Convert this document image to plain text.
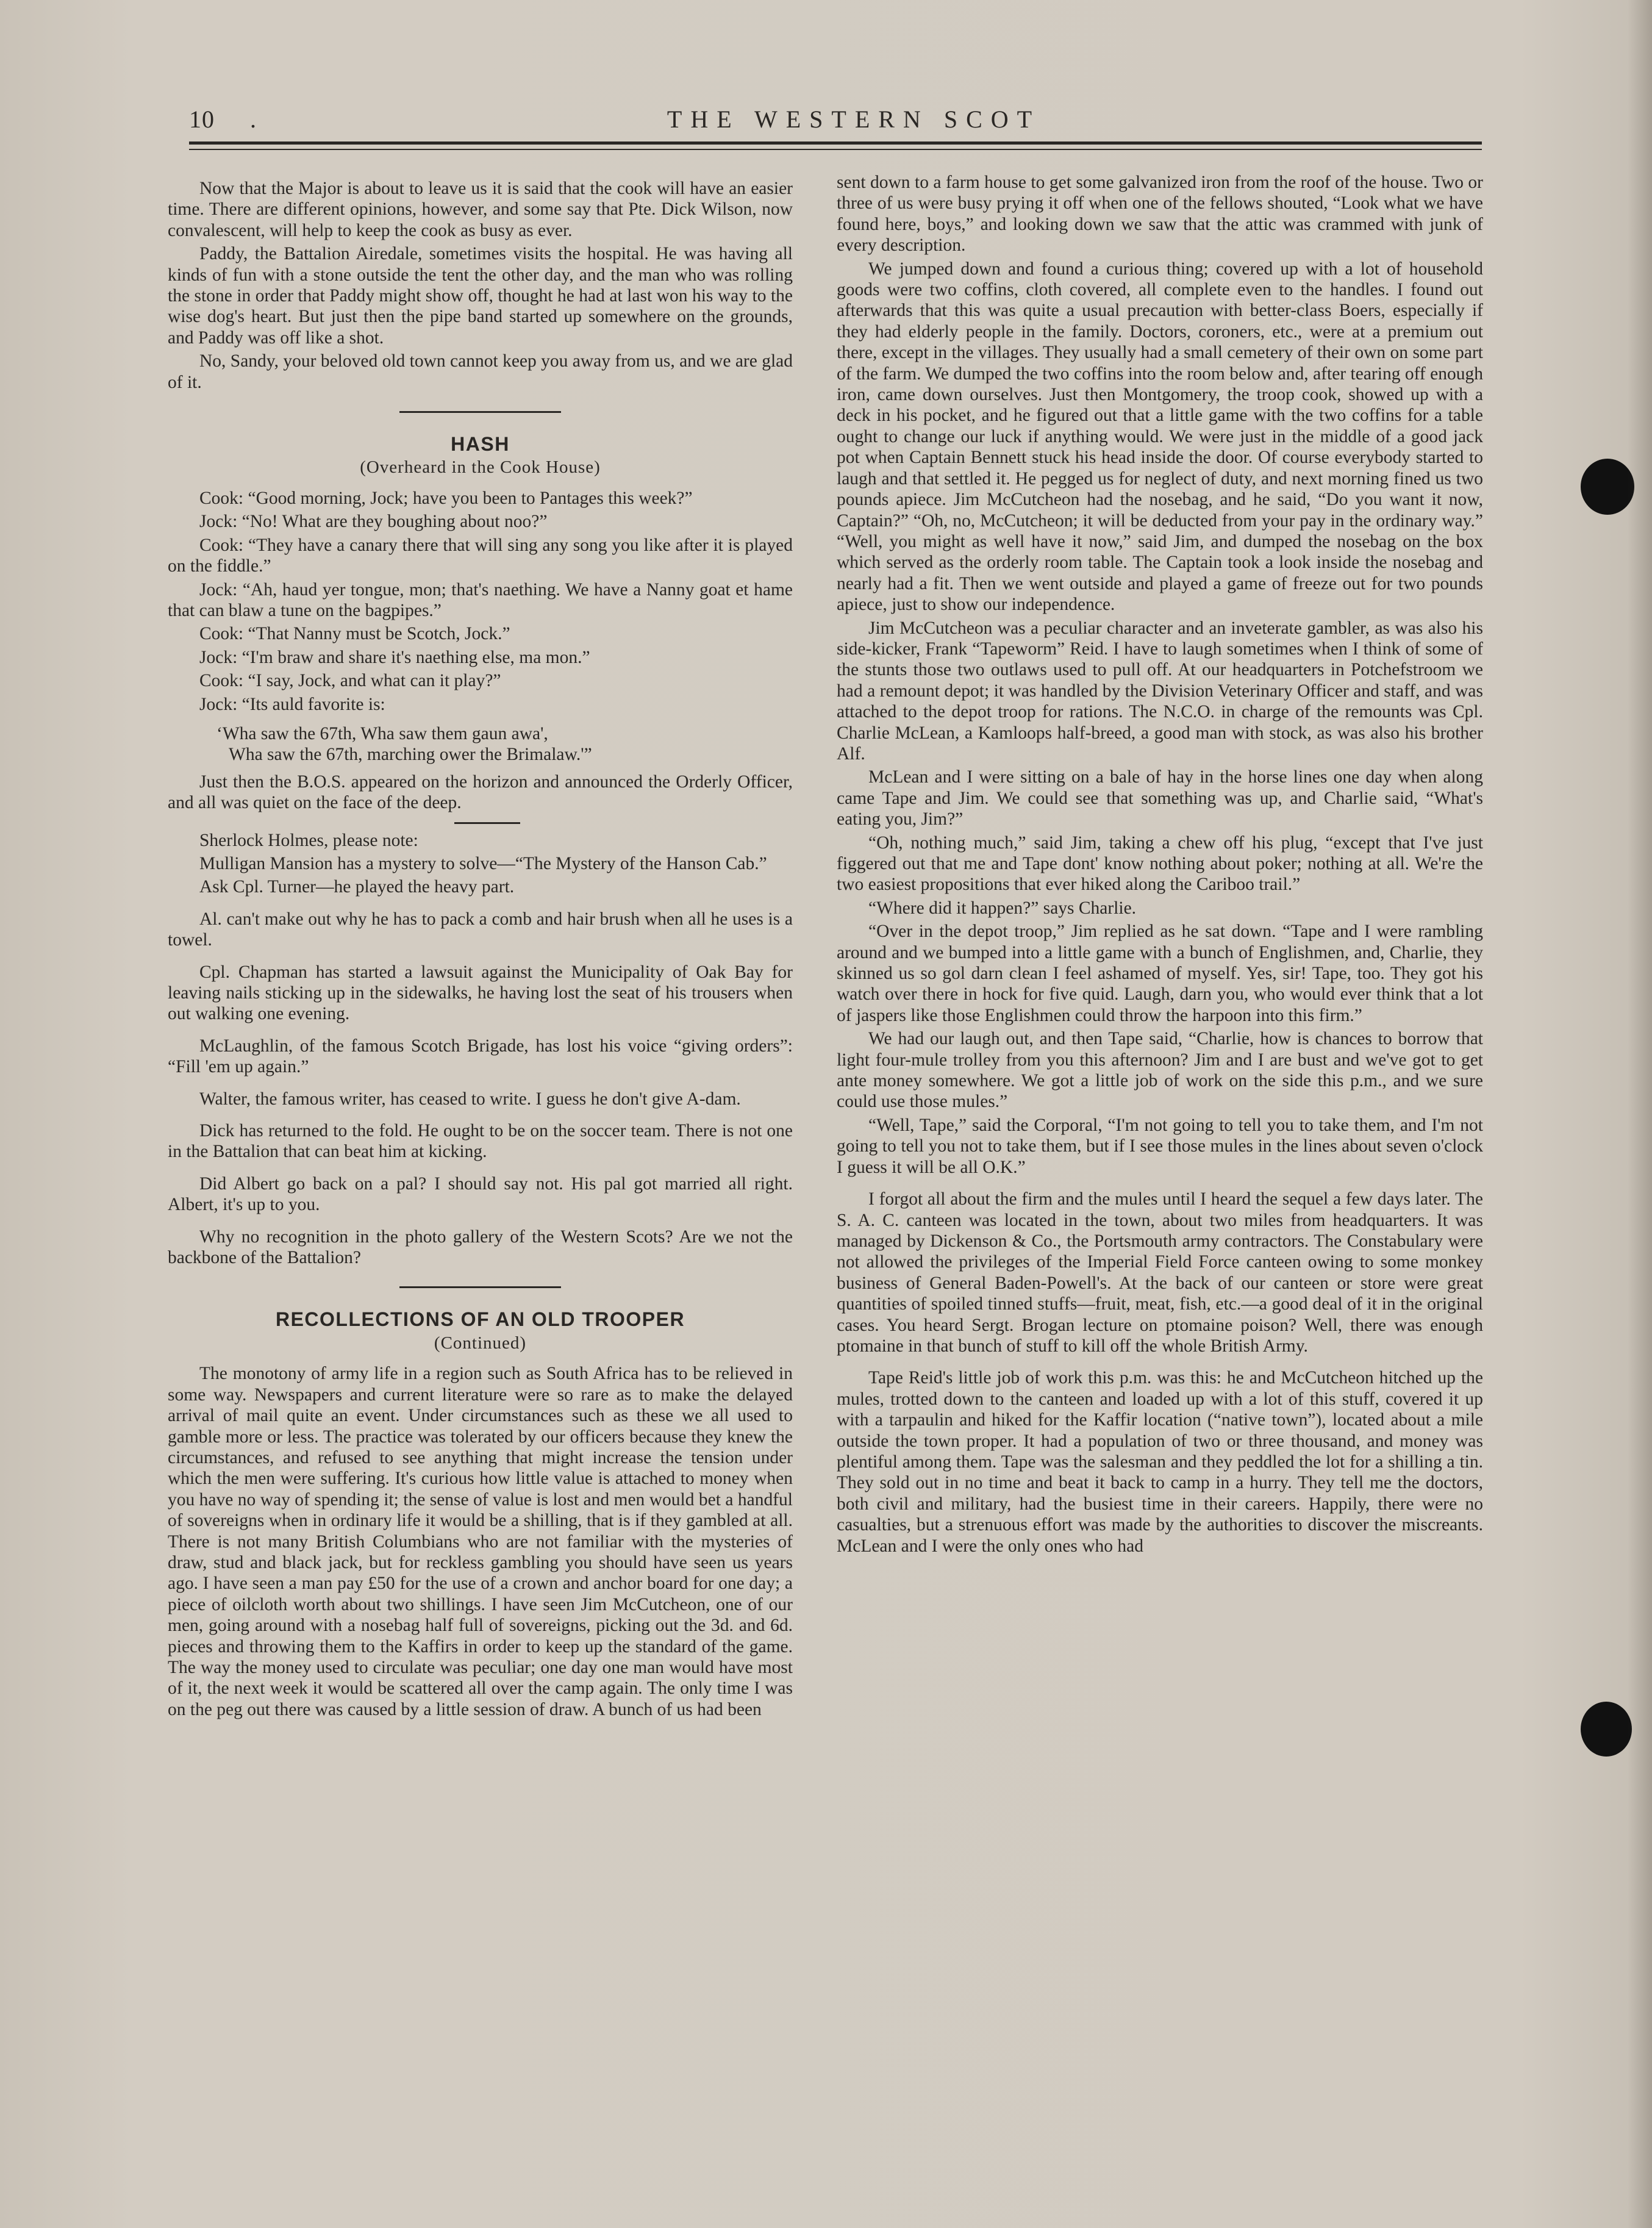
10 .	THE WESTERN SCOT

Now that the Major is about to leave us it is said that the cook will have an easier time. There are different opinions, however, and some say that Pte. Dick Wilson, now convalescent, will help to keep the cook as busy as ever.

Paddy, the Battalion Airedale, sometimes visits the hospital. He was having all kinds of fun with a stone outside the tent the other day, and the man who was rolling the stone in order that Paddy might show off, thought he had at last won his way to the wise dog's heart. But just then the pipe band started up somewhere on the grounds, and Paddy was off like a shot.

No, Sandy, your beloved old town cannot keep you away from us, and we are glad of it.

HASH
(Overheard in the Cook House)

Cook: “Good morning, Jock; have you been to Pantages this week?”

Jock: “No! What are they boughing about noo?”

Cook: “They have a canary there that will sing any song you like after it is played on the fiddle.”

Jock: “Ah, haud yer tongue, mon; that's naething. We have a Nanny goat et hame that can blaw a tune on the bagpipes.”

Cook: “That Nanny must be Scotch, Jock.”

Jock: “I'm braw and share it's naething else, ma mon.”

Cook: “I say, Jock, and what can it play?”

Jock: “Its auld favorite is:

‘Wha saw the 67th, Wha saw them gaun awa',
Wha saw the 67th, marching ower the Brimalaw.'”

Just then the B.O.S. appeared on the horizon and announced the Orderly Officer, and all was quiet on the face of the deep.

Sherlock Holmes, please note:

Mulligan Mansion has a mystery to solve—“The Mystery of the Hanson Cab.”

Ask Cpl. Turner—he played the heavy part.

Al. can't make out why he has to pack a comb and hair brush when all he uses is a towel.

Cpl. Chapman has started a lawsuit against the Municipality of Oak Bay for leaving nails sticking up in the sidewalks, he having lost the seat of his trousers when out walking one evening.

McLaughlin, of the famous Scotch Brigade, has lost his voice “giving orders”: “Fill 'em up again.”

Walter, the famous writer, has ceased to write. I guess he don't give A-dam.

Dick has returned to the fold. He ought to be on the soccer team. There is not one in the Battalion that can beat him at kicking.

Did Albert go back on a pal? I should say not. His pal got married all right. Albert, it's up to you.

Why no recognition in the photo gallery of the Western Scots? Are we not the backbone of the Battalion?

RECOLLECTIONS OF AN OLD TROOPER
(Continued)

The monotony of army life in a region such as South Africa has to be relieved in some way. Newspapers and current literature were so rare as to make the delayed arrival of mail quite an event. Under circumstances such as these we all used to gamble more or less. The practice was tolerated by our officers because they knew the circumstances, and refused to see anything that might increase the tension under which the men were suffering. It's curious how little value is attached to money when you have no way of spending it; the sense of value is lost and men would bet a handful of sovereigns when in ordinary life it would be a shilling, that is if they gambled at all. There is not many British Columbians who are not familiar with the mysteries of draw, stud and black jack, but for reckless gambling you should have seen us years ago. I have seen a man pay £50 for the use of a crown and anchor board for one day; a piece of oilcloth worth about two shillings. I have seen Jim McCutcheon, one of our men, going around with a nosebag half full of sovereigns, picking out the 3d. and 6d. pieces and throwing them to the Kaffirs in order to keep up the standard of the game. The way the money used to circulate was peculiar; one day one man would have most of it, the next week it would be scattered all over the camp again. The only time I was on the peg out there was caused by a little session of draw. A bunch of us had been

sent down to a farm house to get some galvanized iron from the roof of the house. Two or three of us were busy prying it off when one of the fellows shouted, “Look what we have found here, boys,” and looking down we saw that the attic was crammed with junk of every description.

We jumped down and found a curious thing; covered up with a lot of household goods were two coffins, cloth covered, all complete even to the handles. I found out afterwards that this was quite a usual precaution with better-class Boers, especially if they had elderly people in the family. Doctors, coroners, etc., were at a premium out there, except in the villages. They usually had a small cemetery of their own on some part of the farm. We dumped the two coffins into the room below and, after tearing off enough iron, came down ourselves. Just then Montgomery, the troop cook, showed up with a deck in his pocket, and he figured out that a little game with the two coffins for a table ought to change our luck if anything would. We were just in the middle of a good jack pot when Captain Bennett stuck his head inside the door. Of course everybody started to laugh and that settled it. He pegged us for neglect of duty, and next morning fined us two pounds apiece. Jim McCutcheon had the nosebag, and he said, “Do you want it now, Captain?” “Oh, no, McCutcheon; it will be deducted from your pay in the ordinary way.” “Well, you might as well have it now,” said Jim, and dumped the nosebag on the box which served as the orderly room table. The Captain took a look inside the nosebag and nearly had a fit. Then we went outside and played a game of freeze out for two pounds apiece, just to show our independence.

Jim McCutcheon was a peculiar character and an inveterate gambler, as was also his side-kicker, Frank “Tapeworm” Reid. I have to laugh sometimes when I think of some of the stunts those two outlaws used to pull off. At our headquarters in Potchefstroom we had a remount depot; it was handled by the Division Veterinary Officer and staff, and was attached to the depot troop for rations. The N.C.O. in charge of the remounts was Cpl. Charlie McLean, a Kamloops half-breed, a good man with stock, as was also his brother Alf.

McLean and I were sitting on a bale of hay in the horse lines one day when along came Tape and Jim. We could see that something was up, and Charlie said, “What's eating you, Jim?”

“Oh, nothing much,” said Jim, taking a chew off his plug, “except that I've just figgered out that me and Tape dont' know nothing about poker; nothing at all. We're the two easiest propositions that ever hiked along the Cariboo trail.”

“Where did it happen?” says Charlie.

“Over in the depot troop,” Jim replied as he sat down. “Tape and I were rambling around and we bumped into a little game with a bunch of Englishmen, and, Charlie, they skinned us so gol darn clean I feel ashamed of myself. Yes, sir! Tape, too. They got his watch over there in hock for five quid. Laugh, darn you, who would ever think that a lot of jaspers like those Englishmen could throw the harpoon into this firm.”

We had our laugh out, and then Tape said, “Charlie, how is chances to borrow that light four-mule trolley from you this afternoon? Jim and I are bust and we've got to get ante money somewhere. We got a little job of work on the side this p.m., and we sure could use those mules.”

“Well, Tape,” said the Corporal, “I'm not going to tell you to take them, and I'm not going to tell you not to take them, but if I see those mules in the lines about seven o'clock I guess it will be all O.K.”

I forgot all about the firm and the mules until I heard the sequel a few days later. The S. A. C. canteen was located in the town, about two miles from headquarters. It was managed by Dickenson & Co., the Portsmouth army contractors. The Constabulary were not allowed the privileges of the Imperial Field Force canteen owing to some monkey business of General Baden-Powell's. At the back of our canteen or store were great quantities of spoiled tinned stuffs—fruit, meat, fish, etc.—a good deal of it in the original cases. You heard Sergt. Brogan lecture on ptomaine poison? Well, there was enough ptomaine in that bunch of stuff to kill off the whole British Army.

Tape Reid's little job of work this p.m. was this: he and McCutcheon hitched up the mules, trotted down to the canteen and loaded up with a lot of this stuff, covered it up with a tarpaulin and hiked for the Kaffir location (“native town”), located about a mile outside the town proper. It had a population of two or three thousand, and money was plentiful among them. Tape was the salesman and they peddled the lot for a shilling a tin. They sold out in no time and beat it back to camp in a hurry. They tell me the doctors, both civil and military, had the busiest time in their careers. Happily, there were no casualties, but a strenuous effort was made by the authorities to discover the miscreants. McLean and I were the only ones who had
